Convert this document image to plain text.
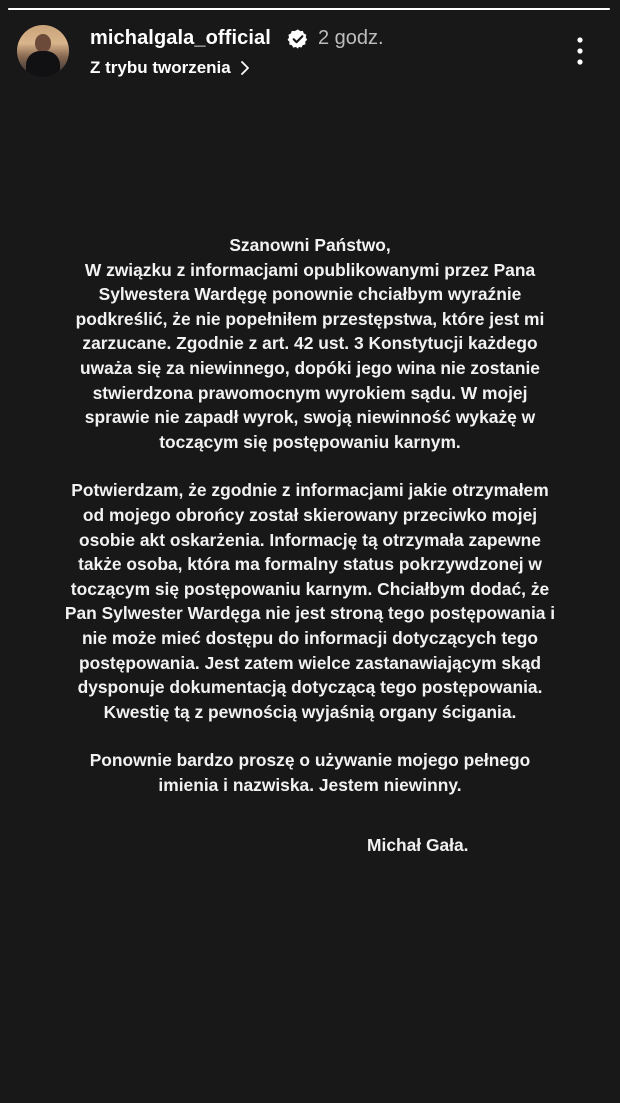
michalgala_official 2 godz.
Z trybu tworzenia

Szanowni Państwo,
W związku z informacjami opublikowanymi przez Pana
Sylwestera Wardęgę ponownie chciałbym wyraźnie
podkreślić, że nie popełniłem przestępstwa, które jest mi
zarzucane. Zgodnie z art. 42 ust. 3 Konstytucji każdego
uważa się za niewinnego, dopóki jego wina nie zostanie
stwierdzona prawomocnym wyrokiem sądu. W mojej
sprawie nie zapadł wyrok, swoją niewinność wykażę w
toczącym się postępowaniu karnym.

Potwierdzam, że zgodnie z informacjami jakie otrzymałem
od mojego obrońcy został skierowany przeciwko mojej
osobie akt oskarżenia. Informację tą otrzymała zapewne
także osoba, która ma formalny status pokrzywdzonej w
toczącym się postępowaniu karnym. Chciałbym dodać, że
Pan Sylwester Wardęga nie jest stroną tego postępowania i
nie może mieć dostępu do informacji dotyczących tego
postępowania. Jest zatem wielce zastanawiającym skąd
dysponuje dokumentacją dotyczącą tego postępowania.
Kwestię tą z pewnością wyjaśnią organy ścigania.

Ponownie bardzo proszę o używanie mojego pełnego
imienia i nazwiska. Jestem niewinny.

Michał Gała.
